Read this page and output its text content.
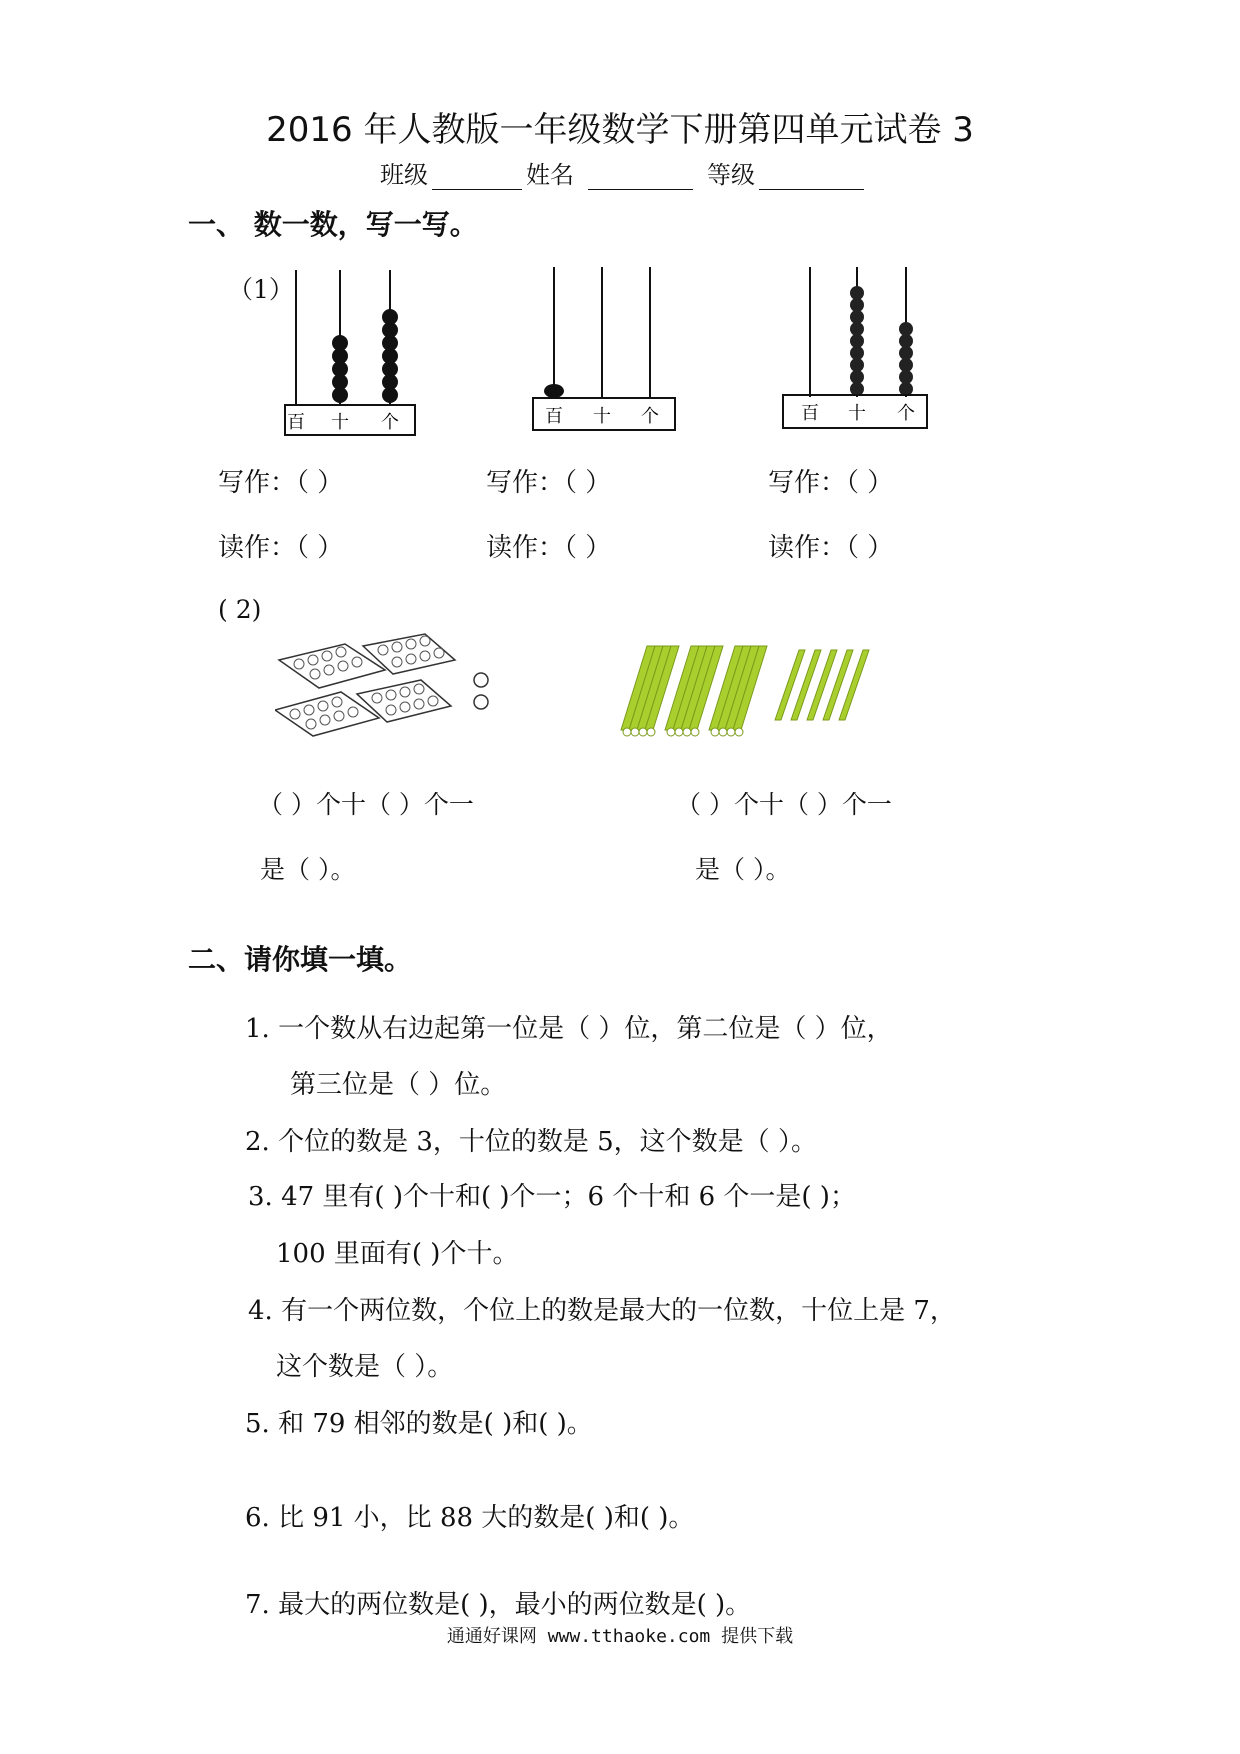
2016 年人教版一年级数学下册第四单元试卷 3
班级	姓名	等级
一、 数一数，写一写。
（1）
百 十 个	百 十 个	百 十 个
写作：（ ）	写作：（ ）	写作：（ ）
读作：（ ）	读作：（ ）	读作：（ ）
( 2)
（ ）个十（ ）个一
是（ ）。
（ ）个十（ ）个一
是（ ）。
二、请你填一填。
1. 一个数从右边起第一位是（ ）位，第二位是（ ）位，
第三位是（ ）位。
2. 个位的数是 3，十位的数是 5，这个数是（ ）。
3. 47 里有( )个十和( )个一；6 个十和 6 个一是( )；
100 里面有( )个十。
4. 有一个两位数，个位上的数是最大的一位数，十位上是 7，
这个数是（ ）。
5. 和 79 相邻的数是( )和( )。
6. 比 91 小，比 88 大的数是( )和( )。
7. 最大的两位数是( )，最小的两位数是( )。
通通好课网 www.tthaoke.com 提供下载
